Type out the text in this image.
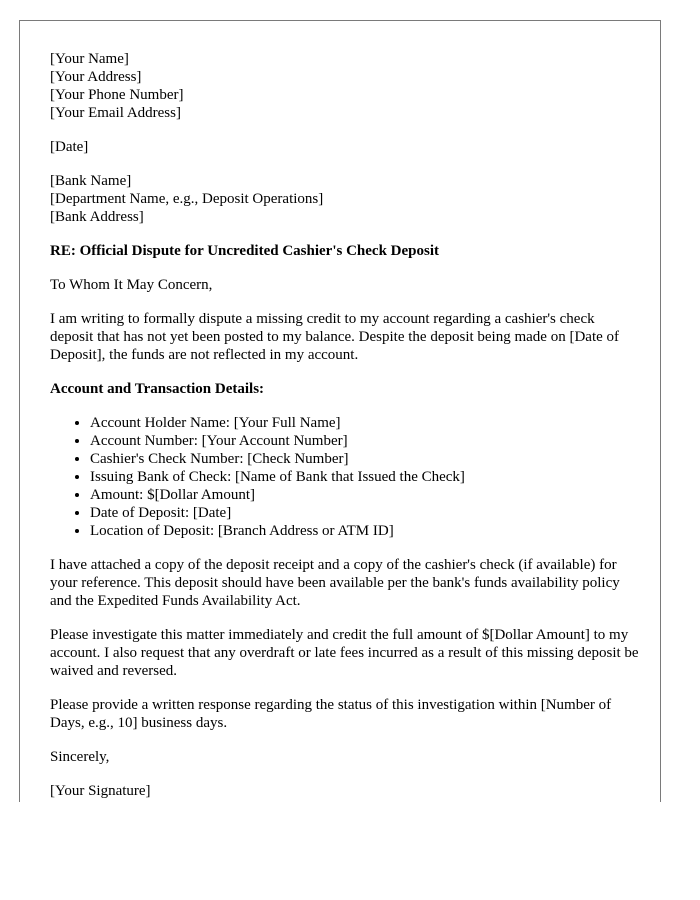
[Your Name]
[Your Address]
[Your Phone Number]
[Your Email Address]

[Date]

[Bank Name]
[Department Name, e.g., Deposit Operations]
[Bank Address]

RE: Official Dispute for Uncredited Cashier's Check Deposit

To Whom It May Concern,

I am writing to formally dispute a missing credit to my account regarding a cashier's check deposit that has not yet been posted to my balance. Despite the deposit being made on [Date of Deposit], the funds are not reflected in my account.

Account and Transaction Details:

• Account Holder Name: [Your Full Name]
• Account Number: [Your Account Number]
• Cashier's Check Number: [Check Number]
• Issuing Bank of Check: [Name of Bank that Issued the Check]
• Amount: $[Dollar Amount]
• Date of Deposit: [Date]
• Location of Deposit: [Branch Address or ATM ID]

I have attached a copy of the deposit receipt and a copy of the cashier's check (if available) for your reference. This deposit should have been available per the bank's funds availability policy and the Expedited Funds Availability Act.

Please investigate this matter immediately and credit the full amount of $[Dollar Amount] to my account. I also request that any overdraft or late fees incurred as a result of this missing deposit be waived and reversed.

Please provide a written response regarding the status of this investigation within [Number of Days, e.g., 10] business days.

Sincerely,

[Your Signature]
